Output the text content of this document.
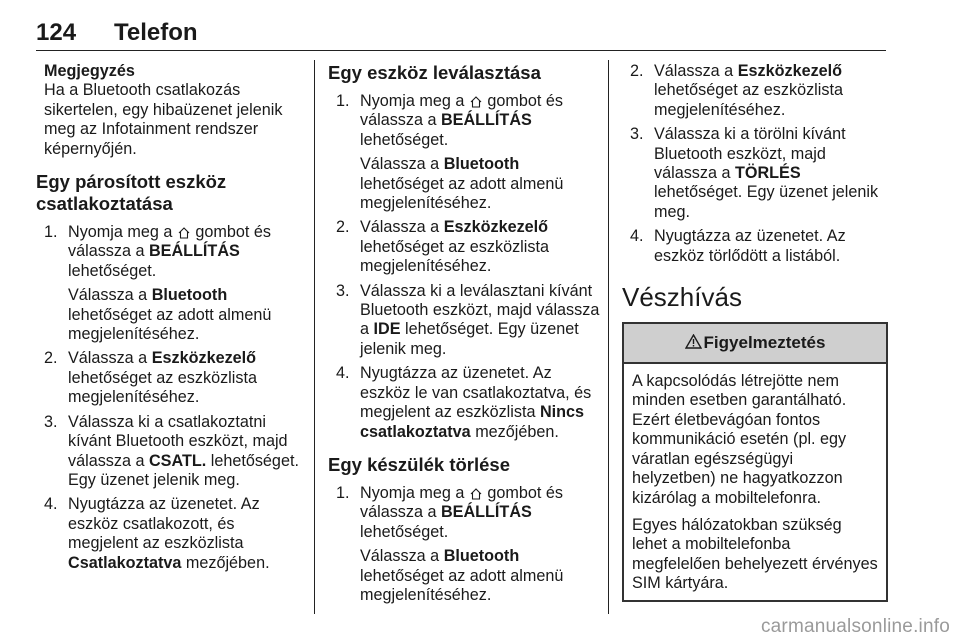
124 Telefon

Megjegyzés

Ha a Bluetooth csatlakozás sikertelen, egy hibaüzenet jelenik meg az Infotainment rendszer képernyőjén.

Egy párosított eszköz csatlakoztatása
1. Nyomja meg a gombot és válassza a BEÁLLÍTÁS lehetőséget.

Válassza a Bluetooth lehetőséget az adott almenü megjelenítéséhez.

2. Válassza a Eszközkezelő lehetőséget az eszközlista megjelenítéséhez.
3. Válassza ki a csatlakoztatni kívánt Bluetooth eszközt, majd válassza a CSATL. lehetőséget. Egy üzenet jelenik meg.
4. Nyugtázza az üzenetet. Az eszköz csatlakozott, és megjelent az eszközlista Csatlakoztatva mezőjében.
Egy eszköz leválasztása
1. Nyomja meg a gombot és válassza a BEÁLLÍTÁS lehetőséget.

Válassza a Bluetooth lehetőséget az adott almenü megjelenítéséhez.

2. Válassza a Eszközkezelő lehetőséget az eszközlista megjelenítéséhez.
3. Válassza ki a leválasztani kívánt Bluetooth eszközt, majd válassza a IDE lehetőséget. Egy üzenet jelenik meg.
4. Nyugtázza az üzenetet. Az eszköz le van csatlakoztatva, és megjelent az eszközlista Nincs csatlakoztatva mezőjében.
Egy készülék törlése
1. Nyomja meg a gombot és válassza a BEÁLLÍTÁS lehetőséget.

Válassza a Bluetooth lehetőséget az adott almenü megjelenítéséhez.

2. Válassza a Eszközkezelő lehetőséget az eszközlista megjelenítéséhez.
3. Válassza ki a törölni kívánt Bluetooth eszközt, majd válassza a TÖRLÉS lehetőséget. Egy üzenet jelenik meg.
4. Nyugtázza az üzenetet. Az eszköz törlődött a listából.
Vészhívás
Figyelmeztetés

A kapcsolódás létrejötte nem minden esetben garantálható. Ezért életbevágóan fontos kommunikáció esetén (pl. egy váratlan egészségügyi helyzetben) ne hagyatkozzon kizárólag a mobiltelefonra.

Egyes hálózatokban szükség lehet a mobiltelefonba megfelelően behelyezett érvényes SIM kártyára.

carmanualsonline.info
